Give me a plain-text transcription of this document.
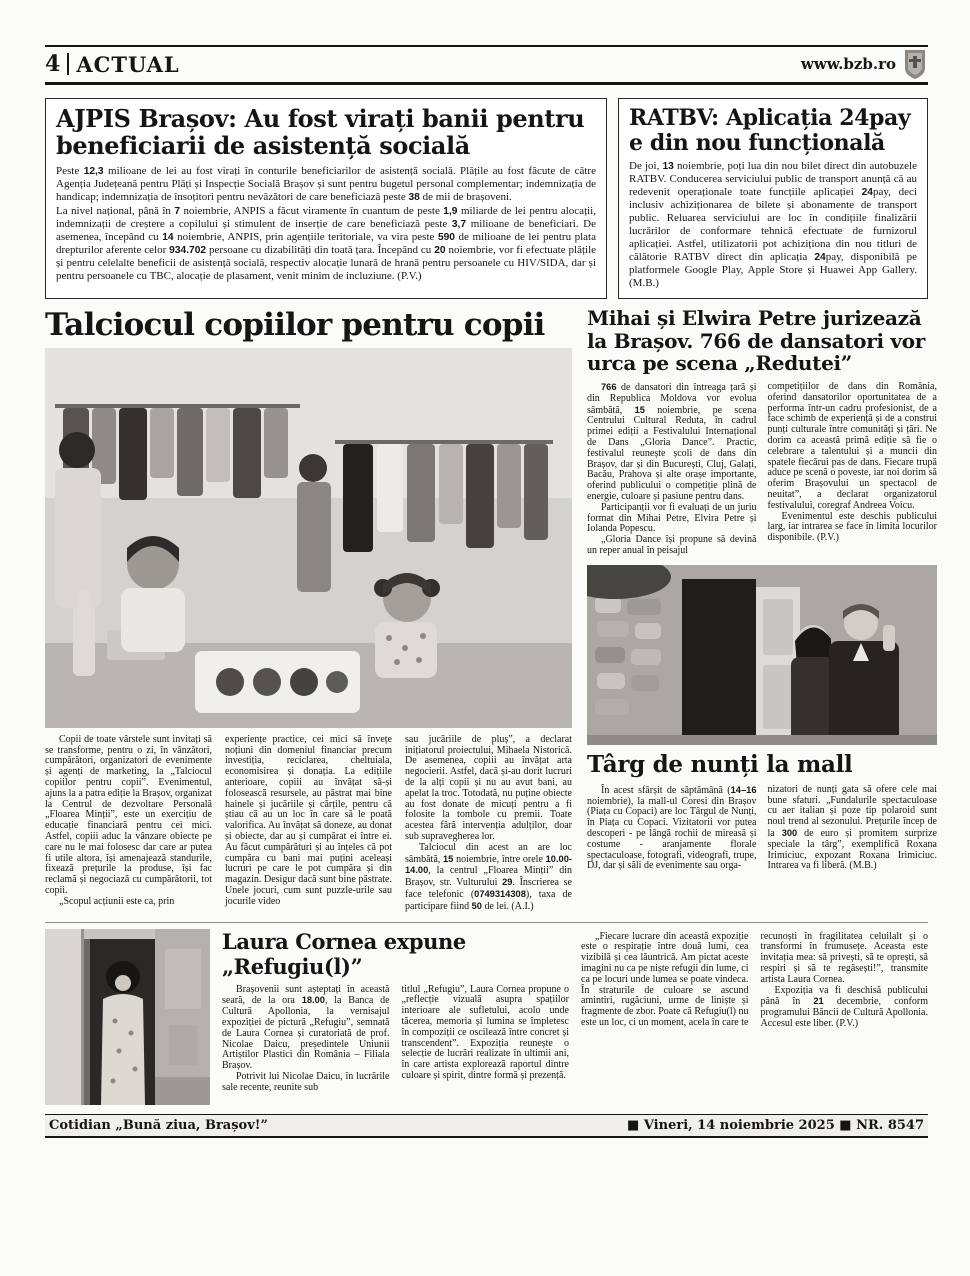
4 ACTUAL	www.bzb.ro
AJPIS Brașov: Au fost virați banii pentru beneficiarii de asistență socială

Peste 12,3 milioane de lei au fost virați în conturile beneficiarilor de asistență socială. Plățile au fost făcute de către Agenția Județeană pentru Plăți și Inspecție Socială Brașov și sunt pentru bugetul personal complementar; indemnizația de handicap; indemnizația de însoțitori pentru nevăzători de care beneficiază peste 38 de mii de brașoveni.

La nivel național, până în 7 noiembrie, ANPIS a făcut viramente în cuantum de peste 1,9 miliarde de lei pentru alocații, indemnizații de creștere a copilului și stimulent de inserție de care beneficiază peste 3,7 milioane de beneficiari. De asemenea, începând cu 14 noiembrie, ANPIS, prin agențiile teritoriale, va vira peste 590 de milioane de lei pentru plata drepturilor aferente celor 934.702 persoane cu dizabilități din toată țara. Începând cu 20 noiembrie, vor fi efectuate plățile și pentru celelalte beneficii de asistență socială, respectiv alocație lunară de hrană pentru persoanele cu HIV/SIDA, dar și pentru persoanele cu TBC, alocație de plasament, venit minim de incluziune. (P.V.)

RATBV: Aplicația 24pay e din nou funcțională

De joi, 13 noiembrie, poți lua din nou bilet direct din autobuzele RATBV. Conducerea serviciului public de transport anunță că au redevenit operaționale toate funcțiile aplicației 24pay, deci inclusiv achiziționarea de bilete și abonamente de transport public. Reluarea serviciului are loc în condițiile finalizării lucrărilor de conformare tehnică efectuate de furnizorul aplicației. Astfel, utilizatorii pot achiziționa din nou titluri de călătorie RATBV direct din aplicația 24pay, disponibilă pe platformele Google Play, Apple Store și Huawei App Gallery. (M.B.)

Talciocul copiilor pentru copii

Copii de toate vârstele sunt invitați să se transforme, pentru o zi, în vânzători, cumpărători, organizatori de evenimente și agenți de marketing, la „Talciocul copiilor pentru copii”. Evenimentul, ajuns la a patra ediție la Brașov, organizat la Centrul de dezvoltare Personală „Floarea Minții”, este un exercițiu de educație financiară pentru cei mici. Astfel, copiii aduc la vânzare obiecte pe care nu le mai folosesc dar care ar putea fi utile altora, își amenajează standurile, fixează prețurile la produse, își fac reclamă și negociază cu cumpărătorii, tot copii.

„Scopul acțiunii este ca, prin

experiențe practice, cei mici să învețe noțiuni din domeniul financiar precum investiția, reciclarea, cheltuiala, economisirea și donația. La edițiile anterioare, copiii au învățat să-și folosească resursele, au păstrat mai bine hainele și jucăriile și cărțile, pentru că știau că au un loc în care să le poată valorifica. Au învățat să doneze, au donat și obiecte, dar au și cumpărat ei între ei. Au făcut cumpărături și au înțeles că pot cumpăra cu bani mai puțini aceleași lucruri pe care le pot cumpăra și din magazin. Desigur dacă sunt bine păstrate. Unele jocuri, cum sunt puzzle-urile sau jocurile video

sau jucăriile de pluș”, a declarat inițiatorul proiectului, Mihaela Nistorică. De asemenea, copiii au învățat arta negocierii. Astfel, dacă și-au dorit lucruri de la alți copii și nu au avut bani, au apelat la troc. Totodată, nu puține obiecte au fost donate de micuți pentru a fi folosite la tombole cu premii. Toate acestea fără intervenția adulților, doar sub supravegherea lor.

Talciocul din acest an are loc sâmbătă, 15 noiembrie, între orele 10.00-14.00, la centrul „Floarea Minții” din Brașov, str. Vulturului 29. Înscrierea se face telefonic (0749314308), taxa de participare fiind 50 de lei. (A.I.)

Mihai și Elwira Petre jurizează la Brașov. 766 de dansatori vor urca pe scena „Redutei”

766 de dansatori din întreaga țară și din Republica Moldova vor evolua sâmbătă, 15 noiembrie, pe scena Centrului Cultural Reduta, în cadrul primei ediții a Festivalului Internațional de Dans „Gloria Dance”. Practic, festivalul reunește școli de dans din Brașov, dar și din București, Cluj, Galați, Bacău, Prahova și alte orașe importante, oferind publicului o competiție plină de energie, culoare și pasiune pentru dans.

Participanții vor fi evaluați de un juriu format din Mihai Petre, Elvira Petre și Iolanda Popescu.

„Gloria Dance își propune să devină un reper anual în peisajul

competițiilor de dans din România, oferind dansatorilor oportunitatea de a performa într-un cadru profesionist, de a face schimb de experiență și de a construi punți culturale între comunități și țări. Ne dorim ca această primă ediție să fie o celebrare a talentului și a muncii din spatele fiecărui pas de dans. Fiecare trupă aduce pe scenă o poveste, iar noi dorim să oferim Brașovului un spectacol de neuitat”, a declarat organizatorul festivalului, coregraf Andreea Voicu.

Evenimentul este deschis publicului larg, iar intrarea se face în limita locurilor disponibile. (P.V.)

Târg de nunți la mall

În acest sfârșit de săptămână (14–16 noiembrie), la mall-ul Coresi din Brașov (Piața cu Copaci) are loc Târgul de Nunți, în Piața cu Copaci. Vizitatorii vor putea descoperi - pe lângă rochii de mireasă și costume - aranjamente florale spectaculoase, fotografi, videografi, trupe, DJ, dar și săli de evenimente sau orga-

nizatori de nunți gata să ofere cele mai bune sfaturi. „Fundalurile spectaculoase cu aer italian și poze tip polaroid sunt noul trend al sezonului. Prețurile încep de la 300 de euro și promitem surprize speciale la târg”, exemplifică Roxana Irimiciuc, expozant Roxana Irimiciuc. Intrarea va fi liberă. (M.B.)

Laura Cornea expune „Refugiu(l)”

Brașovenii sunt așteptați în această seară, de la ora 18.00, la Banca de Cultură Apollonia, la vernisajul expoziției de pictură „Refugiu”, semnată de Laura Cornea și curatoriată de prof. Nicolae Daicu, președintele Uniunii Artiștilor Plastici din România – Filiala Brașov.

Potrivit lui Nicolae Daicu, în lucrările sale recente, reunite sub

titlul „Refugiu”, Laura Cornea propune o „reflecție vizuală asupra spațiilor interioare ale sufletului, acolo unde tăcerea, memoria și lumina se împletesc în compoziții ce oscilează între concret și transcendent”. Expoziția reunește o selecție de lucrări realizate în ultimii ani, în care artista explorează raportul dintre culoare și spirit, dintre formă și prezență.

„Fiecare lucrare din această expoziție este o respirație între două lumi, cea vizibilă și cea lăuntrică. Am pictat aceste imagini nu ca pe niște refugii din lume, ci ca pe locuri unde lumea se poate vindeca. În straturile de culoare se ascund amintiri, rugăciuni, urme de liniște și fragmente de zbor. Poate că Refugiu(l) nu este un loc, ci un moment, acela în care te

recunoști în fragilitatea celuilalt și o transformi în frumusețe. Aceasta este invitația mea: să privești, să te oprești, să respiri și să te regăsești!”, transmite artista Laura Cornea.

Expoziția va fi deschisă publicului până în 21 decembrie, conform programului Băncii de Cultură Apollonia. Accesul este liber. (P.V.)

Cotidian „Bună ziua, Brașov!”	■ Vineri, 14 noiembrie 2025 ■ NR. 8547
